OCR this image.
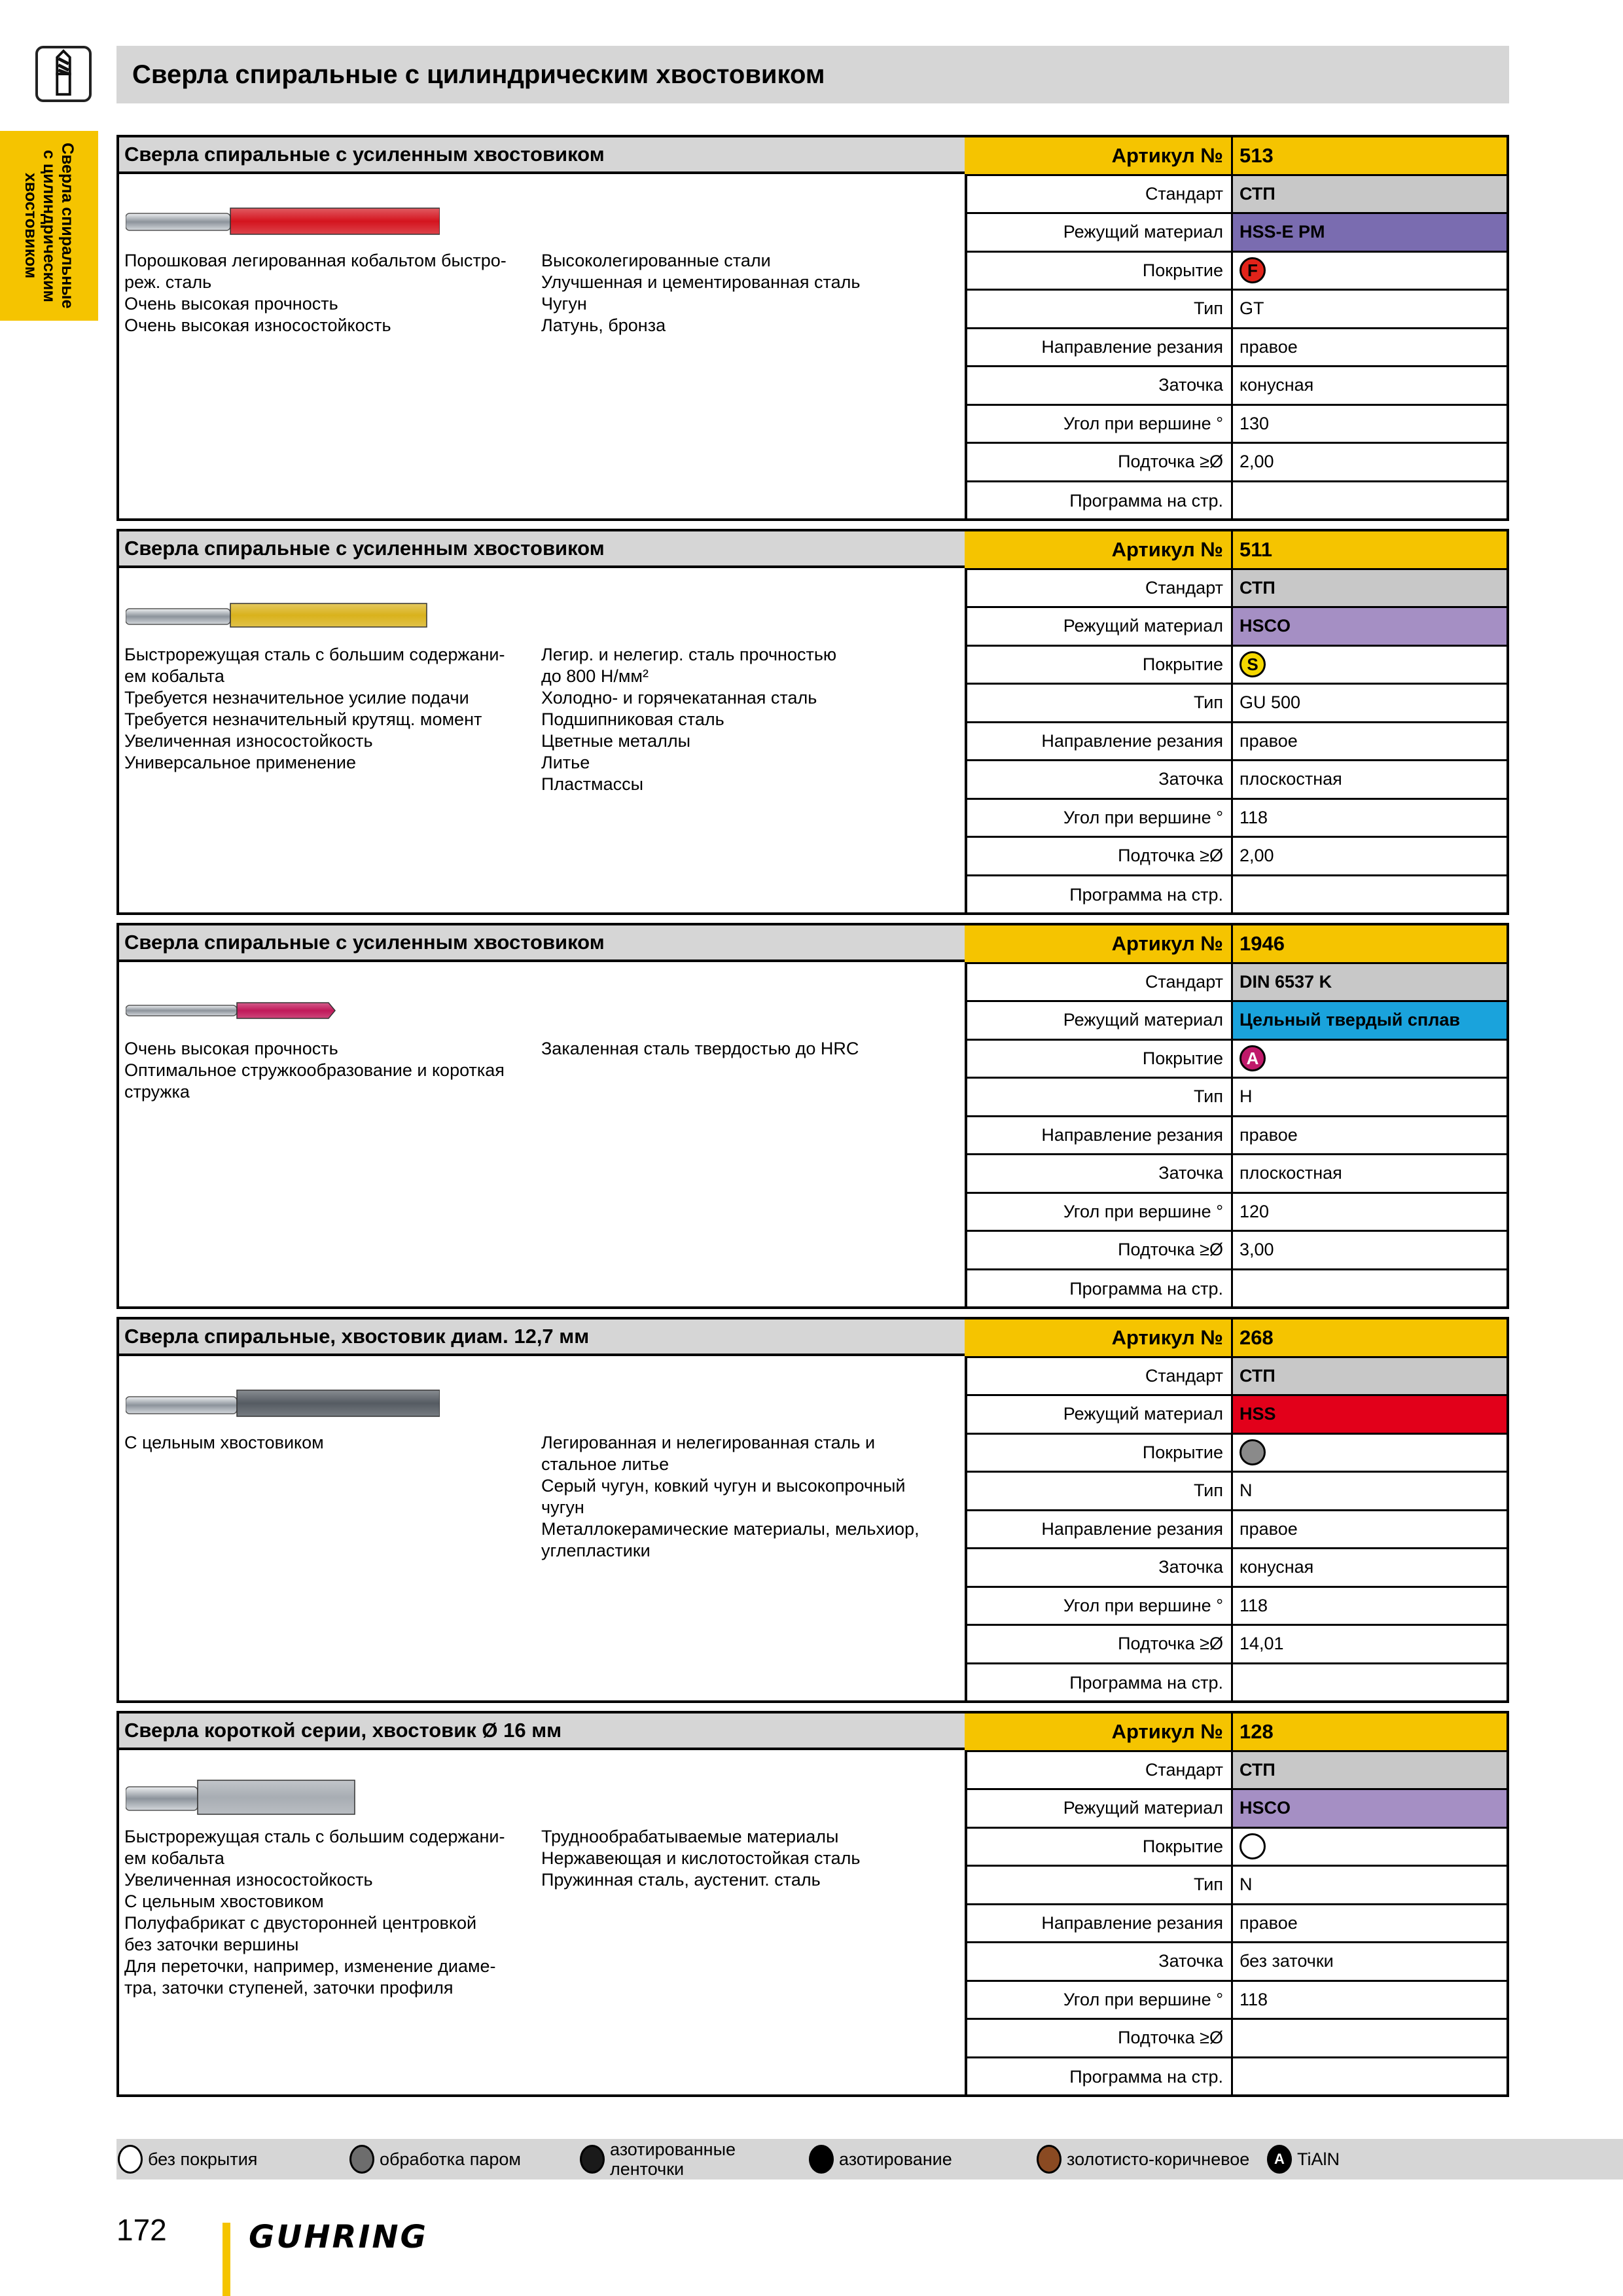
Сверла спиральные с цилиндрическим хвостовиком
Сверла спиральные
с цилиндрическим
хвостовиком
Сверла спиральные с усиленным хвостовиком
Порошковая легированная кобальтом быстро-
реж. сталь
Очень высокая прочность
Очень высокая износостойкость
Высоколегированные стали
Улучшенная и цементированная сталь
Чугун
Латунь, бронза
Артикул № 513
Стандарт СТП
Режущий материал HSS-E PM
Покрытие	F
Тип GT
Направление резания правое
Заточка конусная
Угол при вершине ° 130
Подточка ≥Ø 2,00
Программа на стр.
Сверла спиральные с усиленным хвостовиком
Быстрорежущая сталь с большим содержани-
ем кобальта
Требуется незначительное усилие подачи
Требуется незначительный крутящ. момент
Увеличенная износостойкость
Универсальное применение
Легир. и нелегир. сталь прочностью
до 800 Н/мм²
Холодно- и горячекатанная сталь
Подшипниковая сталь
Цветные металлы
Литье
Пластмассы
Артикул № 511
Стандарт СТП
Режущий материал HSCO
Покрытие	S
Тип GU 500
Направление резания правое
Заточка плоскостная
Угол при вершине ° 118
Подточка ≥Ø 2,00
Программа на стр.
Сверла спиральные с усиленным хвостовиком
Очень высокая прочность
Оптимальное стружкообразование и короткая
стружка
Закаленная сталь твердостью до HRC
Артикул № 1946
Стандарт DIN 6537 K
Режущий материал Цельный твердый сплав
Покрытие	A
Тип H
Направление резания правое
Заточка плоскостная
Угол при вершине ° 120
Подточка ≥Ø 3,00
Программа на стр.
Сверла спиральные, хвостовик диам. 12,7 мм
С цельным хвостовиком	Легированная и нелегированная сталь и
стальное литье
Серый чугун, ковкий чугун и высокопрочный
чугун
Металлокерамические материалы, мельхиор,
углепластики
Артикул № 268
Стандарт СТП
Режущий материал HSS
Покрытие
Тип N
Направление резания правое
Заточка конусная
Угол при вершине ° 118
Подточка ≥Ø 14,01
Программа на стр.
Сверла короткой серии, хвостовик Ø 16 мм
Быстрорежущая сталь с большим содержани-
ем кобальта
Увеличенная износостойкость
С цельным хвостовиком
Полуфабрикат с двусторонней центровкой
без заточки вершины
Для переточки, например, изменение диаме-
тра, заточки ступеней, заточки профиля
Труднообрабатываемые материалы
Нержавеющая и кислотостойкая сталь
Пружинная сталь, аустенит. сталь
Артикул № 128
Стандарт СТП
Режущий материал HSCO
Покрытие
Тип N
Направление резания правое
Заточка без заточки
Угол при вершине ° 118
Подточка ≥Ø
Программа на стр.
без покрытия	обработка паром	азотированные
ленточки	азотирование	золотисто-коричневое	A TiAlN
172	GUHRING
